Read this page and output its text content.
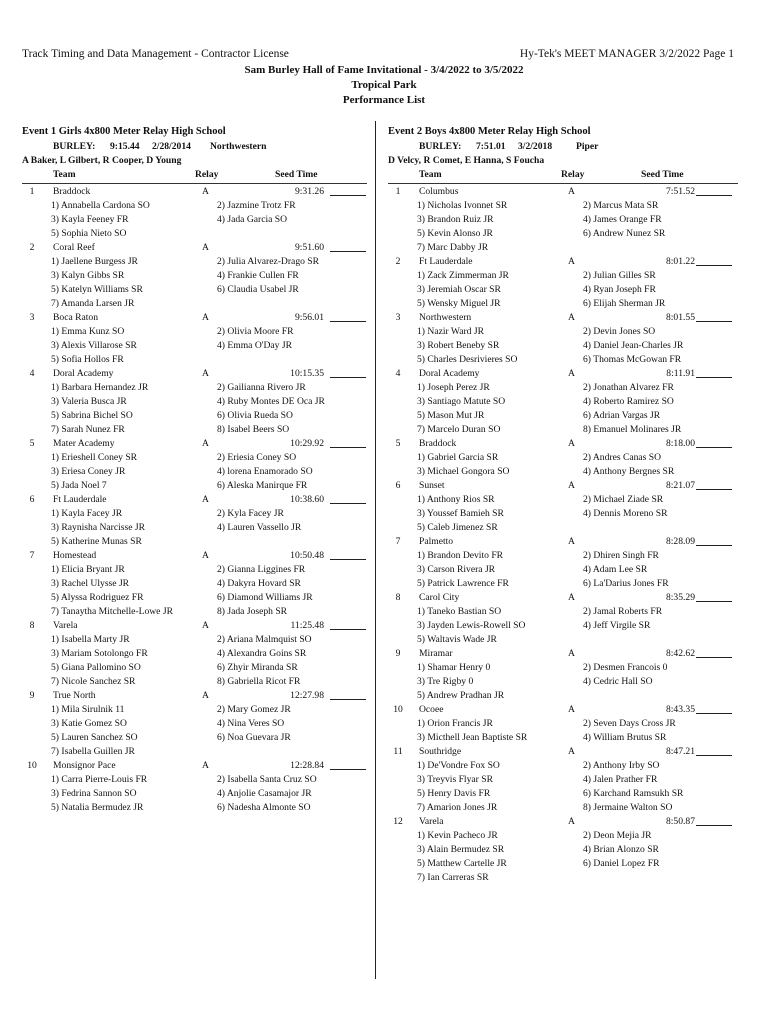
Track Timing and Data Management - Contractor License	Hy-Tek's MEET MANAGER 3/2/2022 Page 1
Sam Burley Hall of Fame Invitational - 3/4/2022 to 3/5/2022
Tropical Park
Performance List
Event 1 Girls 4x800 Meter Relay High School
BURLEY: 9:15.44 2/28/2014 Northwestern
A Baker, L Gilbert, R Cooper, D Young
Team	Relay	Seed Time
1	Braddock	A	9:31.26
1) Annabella Cardona SO	2) Jazmine Trotz FR
3) Kayla Feeney FR	4) Jada Garcia SO
5) Sophia Nieto SO
2	Coral Reef	A	9:51.60
1) Jaellene Burgess JR	2) Julia Alvarez-Drago SR
3) Kalyn Gibbs SR	4) Frankie Cullen FR
5) Katelyn Williams SR	6) Claudia Usabel JR
7) Amanda Larsen JR
3	Boca Raton	A	9:56.01
1) Emma Kunz SO	2) Olivia Moore FR
3) Alexis Villarose SR	4) Emma O'Day JR
5) Sofia Hollos FR
4	Doral Academy	A	10:15.35
1) Barbara Hernandez JR	2) Gailianna Rivero JR
3) Valeria Busca JR	4) Ruby Montes DE Oca JR
5) Sabrina Bichel SO	6) Olivia Rueda SO
7) Sarah Nunez FR	8) Isabel Beers SO
5	Mater Academy	A	10:29.92
1) Erieshell Coney SR	2) Eriesia Coney SO
3) Eriesa Coney JR	4) lorena Enamorado SO
5) Jada Noel 7	6) Aleska Manirque FR
6	Ft Lauderdale	A	10:38.60
1) Kayla Facey JR	2) Kyla Facey JR
3) Raynisha Narcisse JR	4) Lauren Vassello JR
5) Katherine Munas SR
7	Homestead	A	10:50.48
1) Elicia Bryant JR	2) Gianna Liggines FR
3) Rachel Ulysse JR	4) Dakyra Hovard SR
5) Alyssa Rodriguez FR	6) Diamond Williams JR
7) Tanaytha Mitchelle-Lowe JR	8) Jada Joseph SR
8	Varela	A	11:25.48
1) Isabella Marty JR	2) Ariana Malmquist SO
3) Mariam Sotolongo FR	4) Alexandra Goins SR
5) Giana Pallomino SO	6) Zhyir Miranda SR
7) Nicole Sanchez SR	8) Gabriella Ricot FR
9	True North	A	12:27.98
1) Mila Sirulnik 11	2) Mary Gomez JR
3) Katie Gomez SO	4) Nina Veres SO
5) Lauren Sanchez SO	6) Noa Guevara JR
7) Isabella Guillen JR
10	Monsignor Pace	A	12:28.84
1) Carra Pierre-Louis FR	2) Isabella Santa Cruz SO
3) Fedrina Sannon SO	4) Anjolie Casamajor JR
5) Natalia Bermudez JR	6) Nadesha Almonte SO
Event 2 Boys 4x800 Meter Relay High School
BURLEY: 7:51.01 3/2/2018 Piper
D Velcy, R Comet, E Hanna, S Foucha
Team	Relay	Seed Time
1	Columbus	A	7:51.52
1) Nicholas Ivonnet SR	2) Marcus Mata SR
3) Brandon Ruiz JR	4) James Orange FR
5) Kevin Alonso JR	6) Andrew Nunez SR
7) Marc Dabby JR
2	Ft Lauderdale	A	8:01.22
1) Zack Zimmerman JR	2) Julian Gilles SR
3) Jeremiah Oscar SR	4) Ryan Joseph FR
5) Wensky Miguel JR	6) Elijah Sherman JR
3	Northwestern	A	8:01.55
1) Nazir Ward JR	2) Devin Jones SO
3) Robert Beneby SR	4) Daniel Jean-Charles JR
5) Charles Desrivieres SO	6) Thomas McGowan FR
4	Doral Academy	A	8:11.91
1) Joseph Perez JR	2) Jonathan Alvarez FR
3) Santiago Matute SO	4) Roberto Ramirez SO
5) Mason Mut JR	6) Adrian Vargas JR
7) Marcelo Duran SO	8) Emanuel Molinares JR
5	Braddock	A	8:18.00
1) Gabriel Garcia SR	2) Andres Canas SO
3) Michael Gongora SO	4) Anthony Bergnes SR
6	Sunset	A	8:21.07
1) Anthony Rios SR	2) Michael Ziade SR
3) Youssef Bamieh SR	4) Dennis Moreno SR
5) Caleb Jimenez SR
7	Palmetto	A	8:28.09
1) Brandon Devito FR	2) Dhiren Singh FR
3) Carson Rivera JR	4) Adam Lee SR
5) Patrick Lawrence FR	6) La'Darius Jones FR
8	Carol City	A	8:35.29
1) Taneko Bastian SO	2) Jamal Roberts FR
3) Jayden Lewis-Rowell SO	4) Jeff Virgile SR
5) Waltavis Wade JR
9	Miramar	A	8:42.62
1) Shamar Henry 0	2) Desmen Francois 0
3) Tre Rigby 0	4) Cedric Hall SO
5) Andrew Pradhan JR
10	Ocoee	A	8:43.35
1) Orion Francis JR	2) Seven Days Cross JR
3) Micthell Jean Baptiste SR	4) William Brutus SR
11	Southridge	A	8:47.21
1) De'Vondre Fox SO	2) Anthony Irby SO
3) Treyvis Flyar SR	4) Jalen Prather FR
5) Henry Davis FR	6) Karchand Ramsukh SR
7) Amarion Jones JR	8) Jermaine Walton SO
12	Varela	A	8:50.87
1) Kevin Pacheco JR	2) Deon Mejia JR
3) Alain Bermudez SR	4) Brian Alonzo SR
5) Matthew Cartelle JR	6) Daniel Lopez FR
7) Ian Carreras SR
